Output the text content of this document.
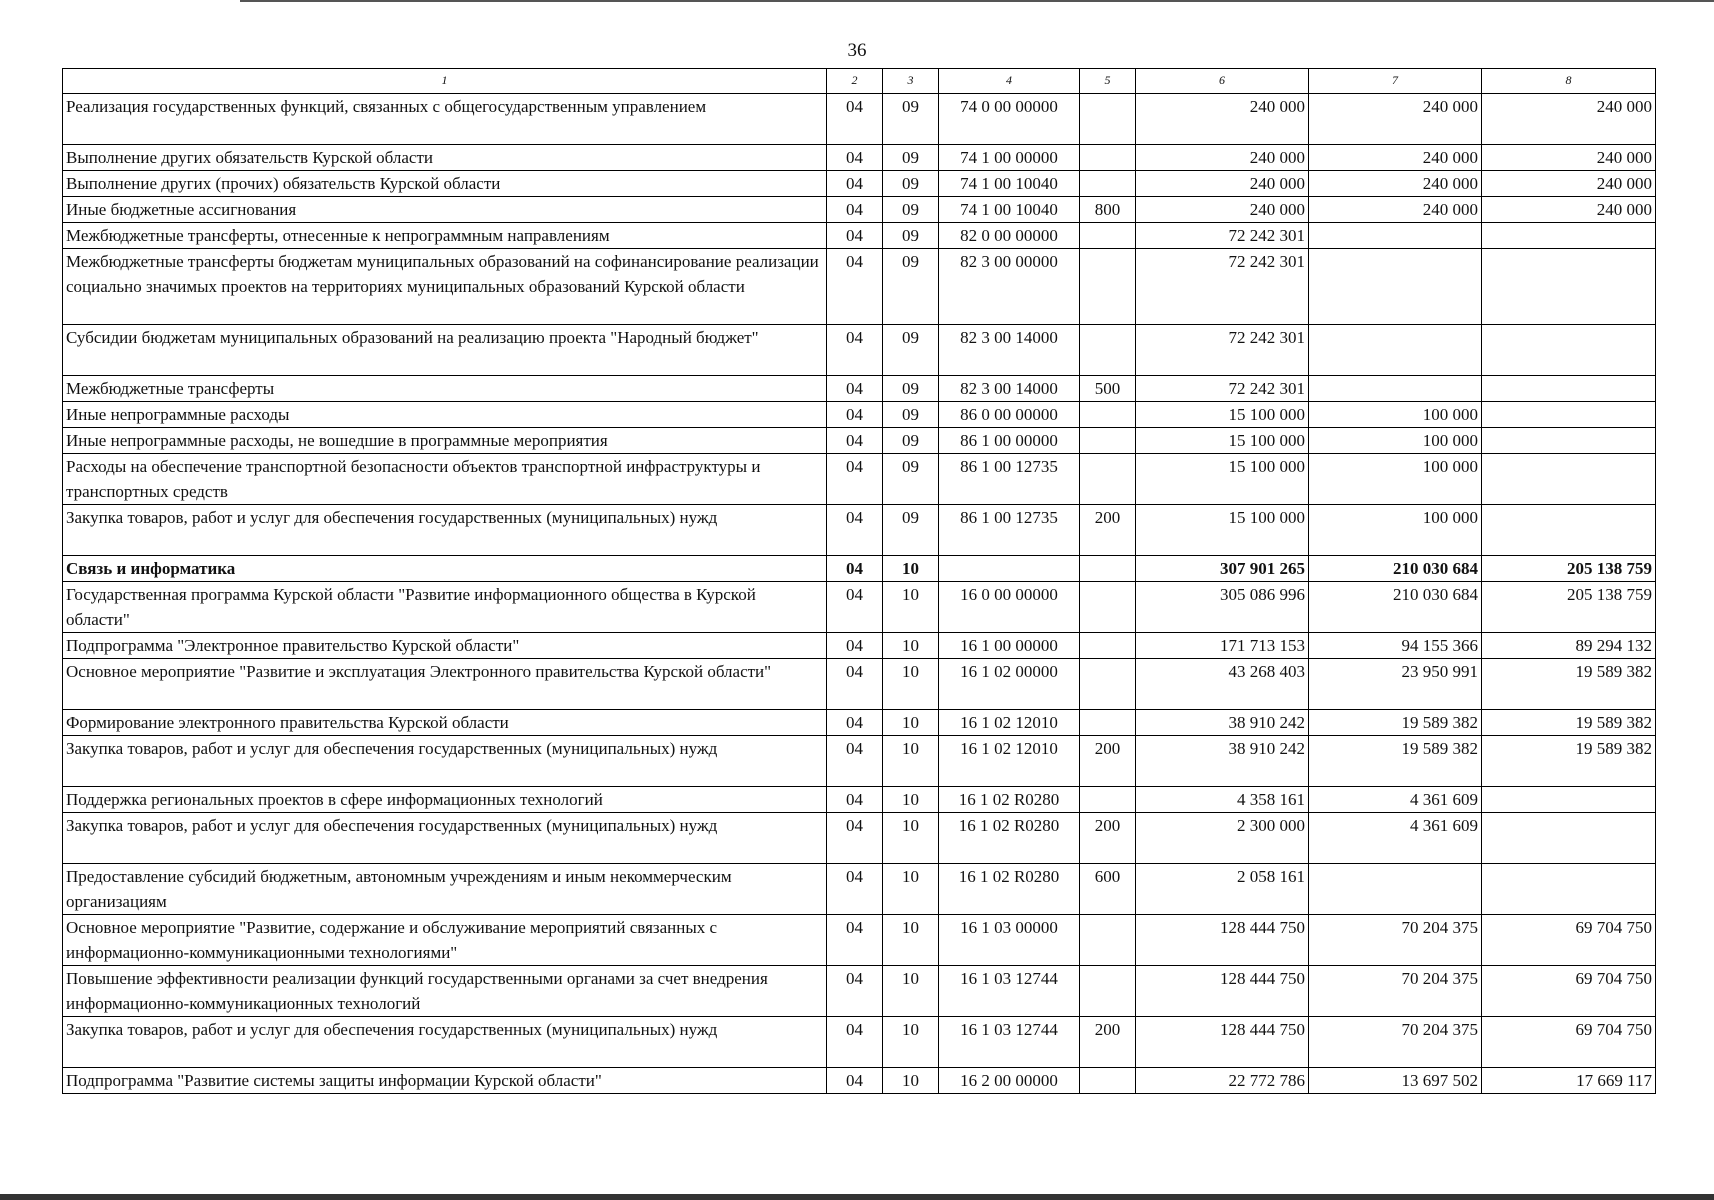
36
1	2	3	4	5	6	7	8
Реализация государственных функций, связанных с общегосударственным управлением	04	09	74 0 00 00000		240 000	240 000	240 000
Выполнение других обязательств Курской области	04	09	74 1 00 00000		240 000	240 000	240 000
Выполнение других (прочих) обязательств Курской области	04	09	74 1 00 10040		240 000	240 000	240 000
Иные бюджетные ассигнования	04	09	74 1 00 10040	800	240 000	240 000	240 000
Межбюджетные трансферты, отнесенные к непрограммным направлениям	04	09	82 0 00 00000		72 242 301		
Межбюджетные трансферты бюджетам муниципальных образований на софинансирование реализации социально значимых проектов на территориях муниципальных образований Курской области	04	09	82 3 00 00000		72 242 301		
Субсидии бюджетам муниципальных образований на реализацию проекта "Народный бюджет"	04	09	82 3 00 14000		72 242 301		
Межбюджетные трансферты	04	09	82 3 00 14000	500	72 242 301		
Иные непрограммные расходы	04	09	86 0 00 00000		15 100 000	100 000	
Иные непрограммные расходы, не вошедшие в программные мероприятия	04	09	86 1 00 00000		15 100 000	100 000	
Расходы на обеспечение транспортной безопасности объектов транспортной инфраструктуры и транспортных средств	04	09	86 1 00 12735		15 100 000	100 000	
Закупка товаров, работ и услуг для обеспечения государственных (муниципальных) нужд	04	09	86 1 00 12735	200	15 100 000	100 000	
Связь и информатика	04	10			307 901 265	210 030 684	205 138 759
Государственная программа Курской области "Развитие информационного общества в Курской области"	04	10	16 0 00 00000		305 086 996	210 030 684	205 138 759
Подпрограмма "Электронное правительство Курской области"	04	10	16 1 00 00000		171 713 153	94 155 366	89 294 132
Основное мероприятие "Развитие и эксплуатация Электронного правительства Курской области"	04	10	16 1 02 00000		43 268 403	23 950 991	19 589 382
Формирование электронного правительства Курской области	04	10	16 1 02 12010		38 910 242	19 589 382	19 589 382
Закупка товаров, работ и услуг для обеспечения государственных (муниципальных) нужд	04	10	16 1 02 12010	200	38 910 242	19 589 382	19 589 382
Поддержка региональных проектов в сфере информационных технологий	04	10	16 1 02 R0280		4 358 161	4 361 609	
Закупка товаров, работ и услуг для обеспечения государственных (муниципальных) нужд	04	10	16 1 02 R0280	200	2 300 000	4 361 609	
Предоставление субсидий бюджетным, автономным учреждениям и иным некоммерческим организациям	04	10	16 1 02 R0280	600	2 058 161		
Основное мероприятие "Развитие, содержание и обслуживание мероприятий связанных с информационно-коммуникационными технологиями"	04	10	16 1 03 00000		128 444 750	70 204 375	69 704 750
Повышение эффективности реализации функций государственными органами за счет внедрения информационно-коммуникационных технологий	04	10	16 1 03 12744		128 444 750	70 204 375	69 704 750
Закупка товаров, работ и услуг для обеспечения государственных (муниципальных) нужд	04	10	16 1 03 12744	200	128 444 750	70 204 375	69 704 750
Подпрограмма "Развитие системы защиты информации Курской области"	04	10	16 2 00 00000		22 772 786	13 697 502	17 669 117
